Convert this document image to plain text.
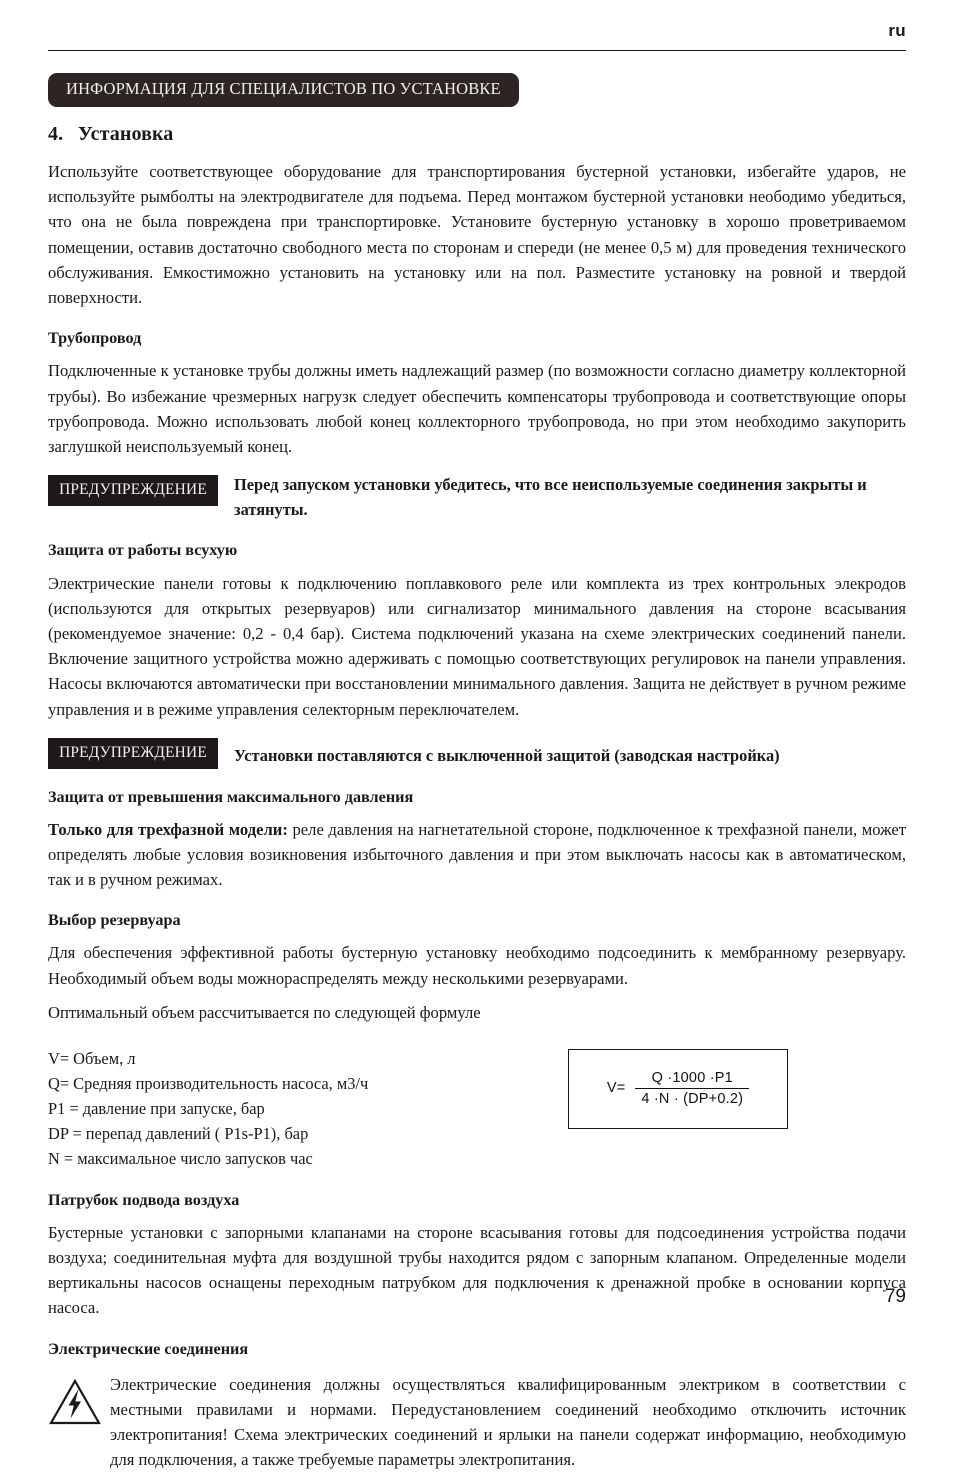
ru
ИНФОРМАЦИЯ ДЛЯ СПЕЦИАЛИСТОВ ПО УСТАНОВКЕ
4. Установка

Используйте соответствующее оборудование для транспортирования бустерной установки, избегайте ударов, не используйте рымболты на электродвигателе для подъема. Перед монтажом бустерной установки неободимо убедиться, что она не была повреждена при транспортировке. Установите бустерную установку в хорошо проветриваемом помещении, оставив достаточно свободного места по сторонам и спереди (не менее 0,5 м) для проведения технического обслуживания. Емкостиможно установить на установку или на пол. Разместите установку на ровной и твердой поверхности.

Трубопровод

Подключенные к установке трубы должны иметь надлежащий размер (по возможности согласно диаметру коллекторной трубы). Во избежание чрезмерных нагрузк следует обеспечить компенсаторы трубопровода и соответствующие опоры трубопровода. Можно использовать любой конец коллекторного трубопровода, но при этом необходимо закупорить заглушкой неиспользуемый конец.

ПРЕДУПРЕЖДЕНИЕ	Перед запуском установки убедитесь, что все неиспользуемые соединения закрыты и затянуты.
Защита от работы всухую

Электрические панели готовы к подключению поплавкового реле или комплекта из трех контрольных элекродов (используются для открытых резервуаров) или сигнализатор минимального давления на стороне всасывания (рекомендуемое значение: 0,2 - 0,4 бар). Система подключений указана на схеме электрических соединений панели. Включение защитного устройства можно адерживать с помощью соответствующих регулировок на панели управления. Насосы включаются автоматически при восстановлении минимального давления. Защита не действует в ручном режиме управления и в режиме управления селекторным переключателем.

ПРЕДУПРЕЖДЕНИЕ	Установки поставляются с выключенной защитой (заводская настройка)
Защита от превышения максимального давления

Только для трехфазной модели: реле давления на нагнетательной стороне, подключенное к трехфазной панели, может определять любые условия возикновения избыточного давления и при этом выключать насосы как в автоматическом, так и в ручном режимах.

Выбор резервуара

Для обеспечения эффективной работы бустерную установку необходимо подсоединить к мембранному резервуару. Необходимый объем воды можнораспределять между несколькими резервуарами.

Оптимальный объем рассчитывается по следующей формуле

V= Объем, л
Q= Средняя производительность насоса, м3/ч
P1 = давление при запуске, бар
DP = перепад давлений ( P1s-P1), бар
N = максимальное число запусков час
$V= \frac{Q \cdot 1000 \cdot P1}{4 \cdot N \cdot (DP+0.2)}$
Патрубок подвода воздуха

Бустерные установки с запорными клапанами на стороне всасывания готовы для подсоединения устройства подачи воздуха; соединительная муфта для воздушной трубы находится рядом с запорным клапаном. Определенные модели вертикальны насосов оснащены переходным патрубком для подключения к дренажной пробке в основании корпуса насоса.

Электрические соединения
Электрические соединения должны осуществляться квалифицированным электриком в соответствии с местными правилами и нормами. Передустановлением соединений необходимо отключить источник электропитания! Схема электрических соединений и ярлыки на панели содержат информацию, необходимую для подключения, а также требуемые параметры электропитания.
79
